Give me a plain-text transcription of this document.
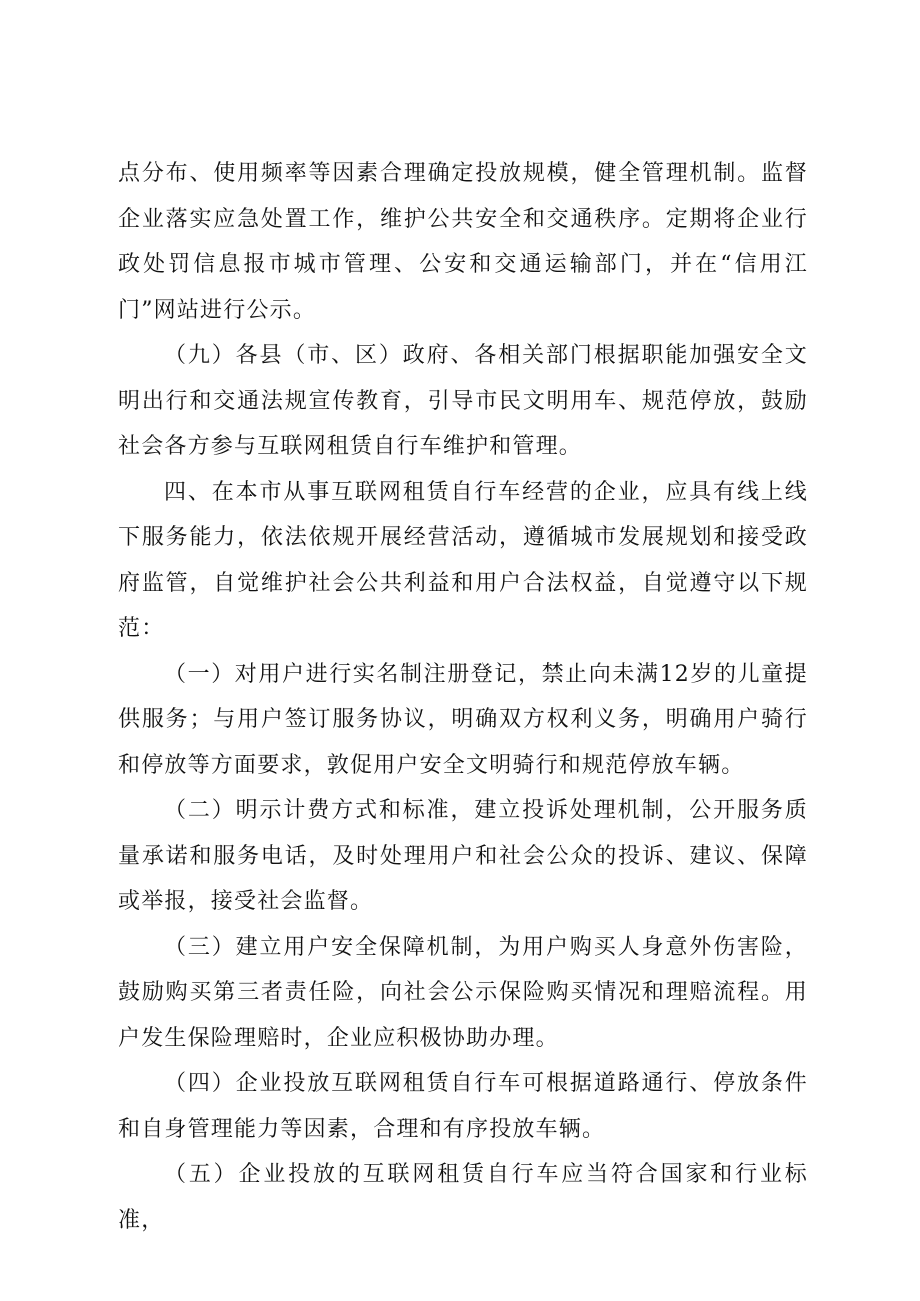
点分布、使用频率等因素合理确定投放规模，健全管理机制。监督企业落实应急处置工作，维护公共安全和交通秩序。定期将企业行政处罚信息报市城市管理、公安和交通运输部门，并在“信用江门”网站进行公示。

（九）各县（市、区）政府、各相关部门根据职能加强安全文明出行和交通法规宣传教育，引导市民文明用车、规范停放，鼓励社会各方参与互联网租赁自行车维护和管理。

四、在本市从事互联网租赁自行车经营的企业，应具有线上线下服务能力，依法依规开展经营活动，遵循城市发展规划和接受政府监管，自觉维护社会公共利益和用户合法权益，自觉遵守以下规范：

（一）对用户进行实名制注册登记，禁止向未满12岁的儿童提供服务；与用户签订服务协议，明确双方权利义务，明确用户骑行和停放等方面要求，敦促用户安全文明骑行和规范停放车辆。

（二）明示计费方式和标准，建立投诉处理机制，公开服务质量承诺和服务电话，及时处理用户和社会公众的投诉、建议、保障或举报，接受社会监督。

（三）建立用户安全保障机制，为用户购买人身意外伤害险，鼓励购买第三者责任险，向社会公示保险购买情况和理赔流程。用户发生保险理赔时，企业应积极协助办理。

（四）企业投放互联网租赁自行车可根据道路通行、停放条件和自身管理能力等因素，合理和有序投放车辆。

（五）企业投放的互联网租赁自行车应当符合国家和行业标准，
